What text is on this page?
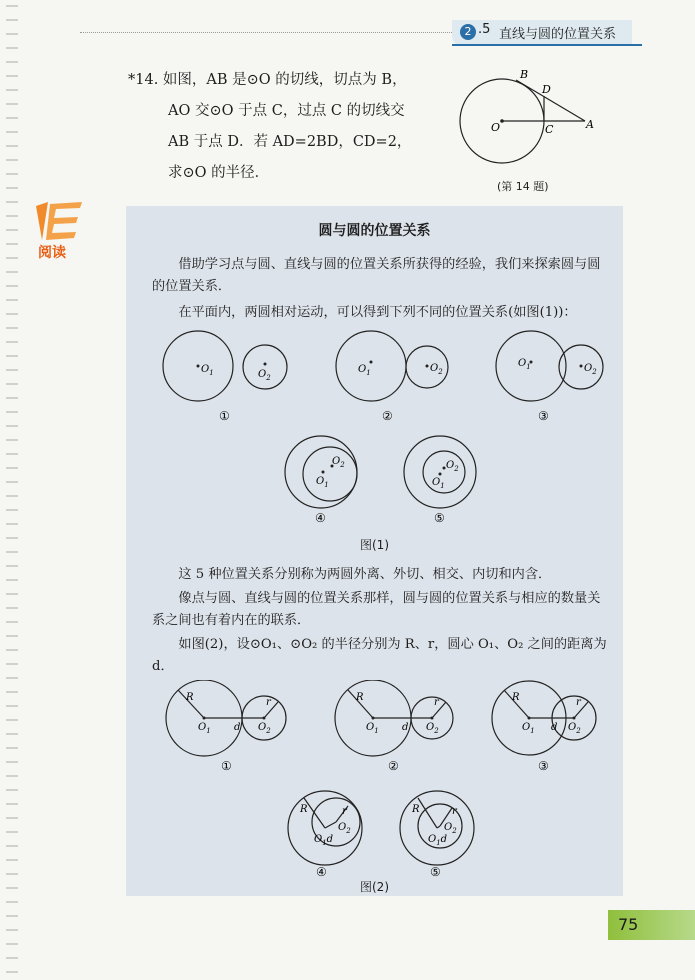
2 .5 直线与圆的位置关系

*14. 如图，AB 是⊙O 的切线，切点为 B，

AO 交⊙O 于点 C，过点 C 的切线交

AB 于点 D．若 AD=2BD，CD=2，

求⊙O 的半径．

B
D
O	C	A
(第 14 题)
阅读
圆与圆的位置关系

借助学习点与圆、直线与圆的位置关系所获得的经验，我们来探索圆与圆的位置关系．

在平面内，两圆相对运动，可以得到下列不同的位置关系(如图(1))：

$O_1$	$O_2$
$O_1$	$O_2$
$O_1$	$O_2$
$O_1$
$O_2$
$O_1$
$O_2$
①	②	③
④	⑤
图(1)

这 5 种位置关系分别称为两圆外离、外切、相交、内切和内含．

像点与圆、直线与圆的位置关系那样，圆与圆的位置关系与相应的数量关系之间也有着内在的联系．

如图(2)，设⊙O₁、⊙O₂ 的半径分别为 R、r，圆心 O₁、O₂ 之间的距离为 d．

R	r
d
$O_1$	$O_2$
R	r
d
$O_1$	$O_2$
R	r
d
$O_1$	$O_2$
R	r
$O_1d$
$O_2$
R	r
$O_1d$
$O_2$
①	②	③
④	⑤
图(2)
75
